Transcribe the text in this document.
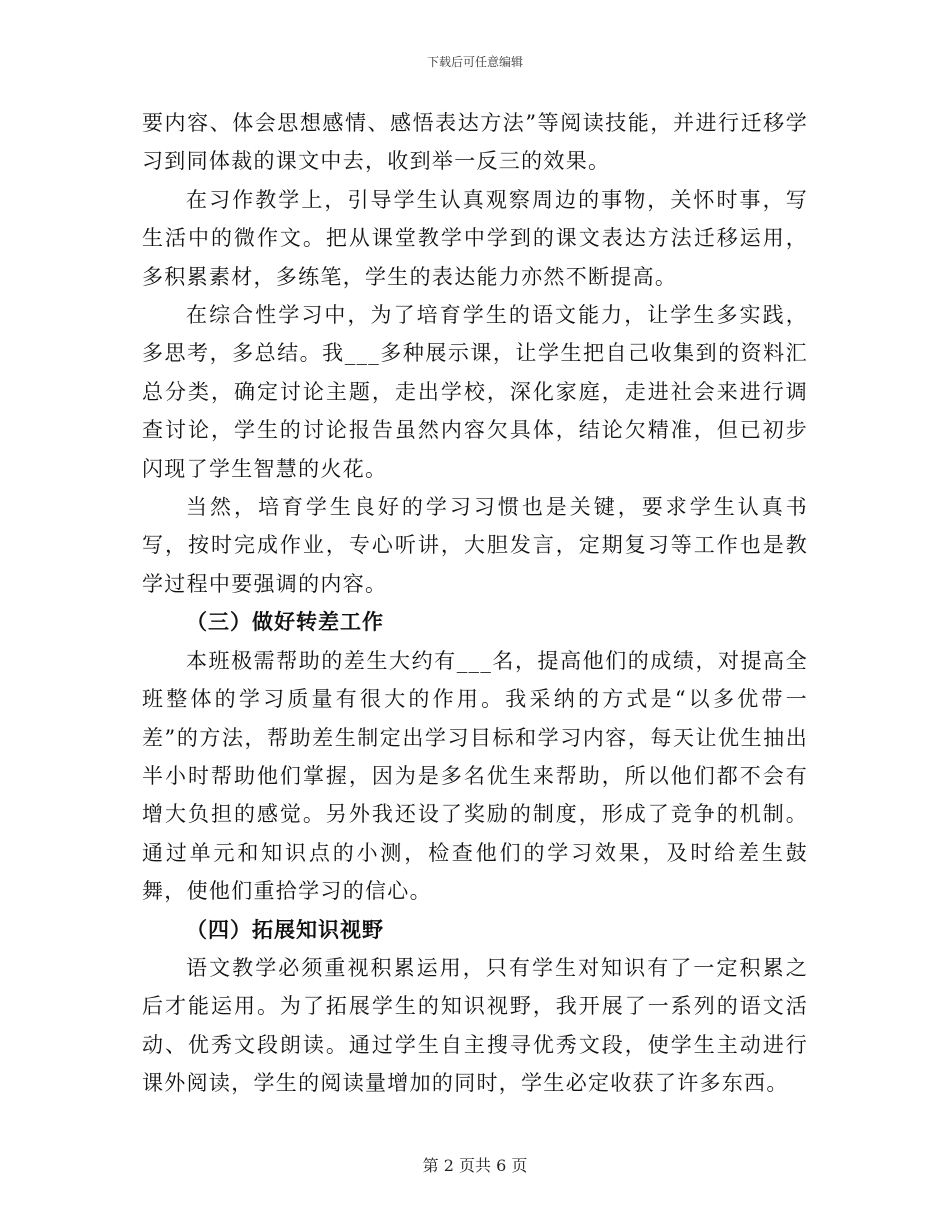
下载后可任意编辑

要内容、体会思想感情、感悟表达方法”等阅读技能，并进行迁移学习到同体裁的课文中去，收到举一反三的效果。

在习作教学上，引导学生认真观察周边的事物，关怀时事，写生活中的微作文。把从课堂教学中学到的课文表达方法迁移运用，多积累素材，多练笔，学生的表达能力亦然不断提高。

在综合性学习中，为了培育学生的语文能力，让学生多实践，多思考，多总结。我___多种展示课，让学生把自己收集到的资料汇总分类，确定讨论主题，走出学校，深化家庭，走进社会来进行调查讨论，学生的讨论报告虽然内容欠具体，结论欠精准，但已初步闪现了学生智慧的火花。

当然，培育学生良好的学习习惯也是关键，要求学生认真书写，按时完成作业，专心听讲，大胆发言，定期复习等工作也是教学过程中要强调的内容。

（三）做好转差工作

本班极需帮助的差生大约有___名，提高他们的成绩，对提高全班整体的学习质量有很大的作用。我采纳的方式是“以多优带一差”的方法，帮助差生制定出学习目标和学习内容，每天让优生抽出半小时帮助他们掌握，因为是多名优生来帮助，所以他们都不会有增大负担的感觉。另外我还设了奖励的制度，形成了竞争的机制。通过单元和知识点的小测，检查他们的学习效果，及时给差生鼓舞，使他们重拾学习的信心。

（四）拓展知识视野

语文教学必须重视积累运用，只有学生对知识有了一定积累之后才能运用。为了拓展学生的知识视野，我开展了一系列的语文活动、优秀文段朗读。通过学生自主搜寻优秀文段，使学生主动进行课外阅读，学生的阅读量增加的同时，学生必定收获了许多东西。

第 2 页共 6 页
